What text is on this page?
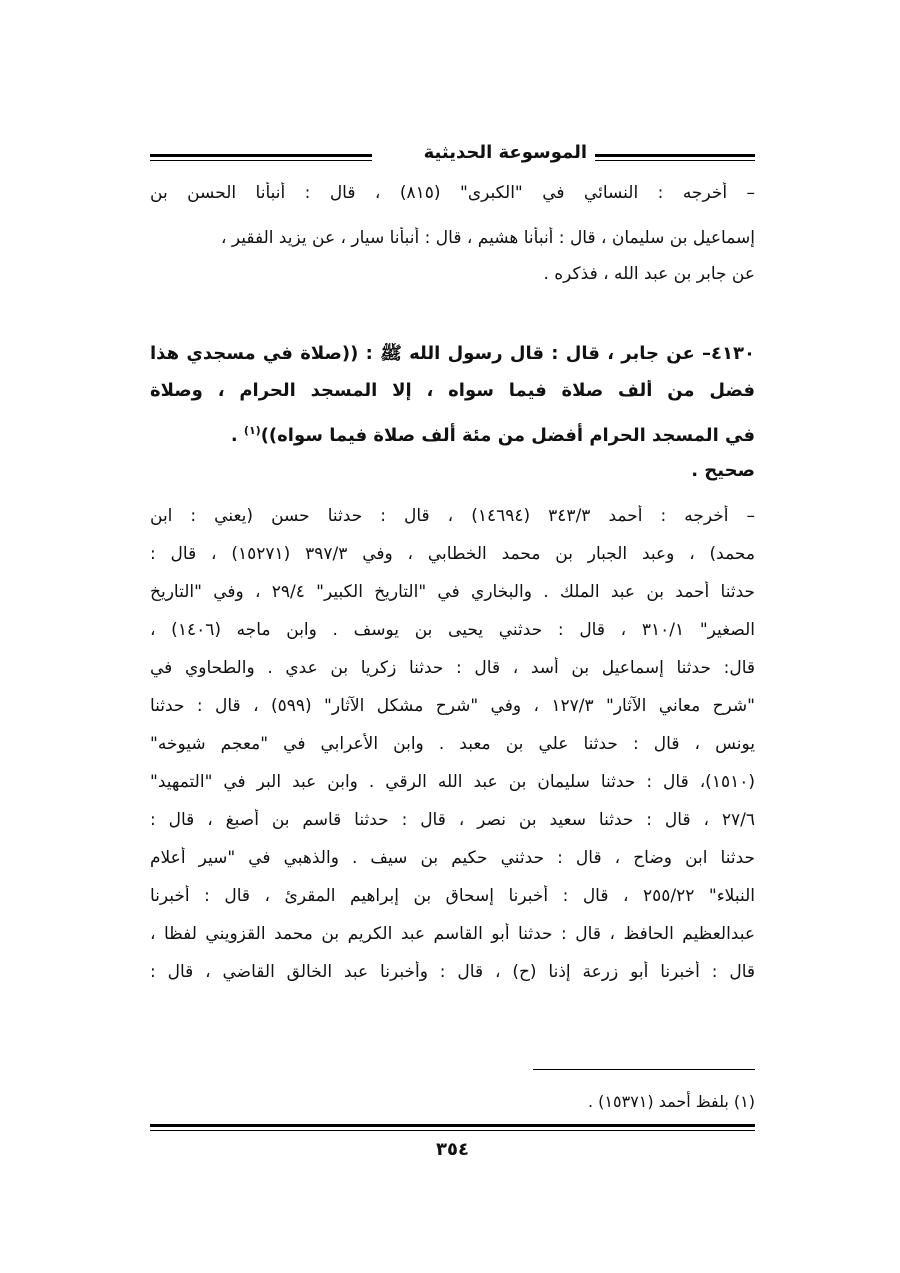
الموسوعة الحديثية
– أخرجه : النسائي في "الكبرى" (٨١٥) ، قال : أنبأنا الحسن بن
إسماعيل بن سليمان ، قال : أنبأنا هشيم ، قال : أنبأنا سيار ، عن يزيد الفقير ،
عن جابر بن عبد الله ، فذكره .
٤١٣٠– عن جابر ، قال : قال رسول الله ﷺ : ((صلاة في مسجدي هذا
فضل من ألف صلاة فيما سواه ، إلا المسجد الحرام ، وصلاة
في المسجد الحرام أفضل من مئة ألف صلاة فيما سواه))$^{(١)}$ .
صحيح .
– أخرجه : أحمد ٣٤٣/٣ (١٤٦٩٤) ، قال : حدثنا حسن (يعني : ابن
محمد) ، وعبد الجبار بن محمد الخطابي ، وفي ٣٩٧/٣ (١٥٢٧١) ، قال :
حدثنا أحمد بن عبد الملك . والبخاري في "التاريخ الكبير" ٢٩/٤ ، وفي "التاريخ
الصغير" ٣١٠/١ ، قال : حدثني يحيى بن يوسف . وابن ماجه (١٤٠٦) ،
قال: حدثنا إسماعيل بن أسد ، قال : حدثنا زكريا بن عدي . والطحاوي في
"شرح معاني الآثار" ١٢٧/٣ ، وفي "شرح مشكل الآثار" (٥٩٩) ، قال : حدثنا
يونس ، قال : حدثنا علي بن معبد . وابن الأعرابي في "معجم شيوخه"
(١٥١٠)، قال : حدثنا سليمان بن عبد الله الرقي . وابن عبد البر في "التمهيد"
٢٧/٦ ، قال : حدثنا سعيد بن نصر ، قال : حدثنا قاسم بن أصبغ ، قال :
حدثنا ابن وضاح ، قال : حدثني حكيم بن سيف . والذهبي في "سير أعلام
النبلاء" ٢٥٥/٢٢ ، قال : أخبرنا إسحاق بن إبراهيم المقرئ ، قال : أخبرنا
عبدالعظيم الحافظ ، قال : حدثنا أبو القاسم عبد الكريم بن محمد القزويني لفظا ،
قال : أخبرنا أبو زرعة إذنا (ح) ، قال : وأخبرنا عبد الخالق القاضي ، قال :
(١) بلفظ أحمد (١٥٣٧١) .
٣٥٤
